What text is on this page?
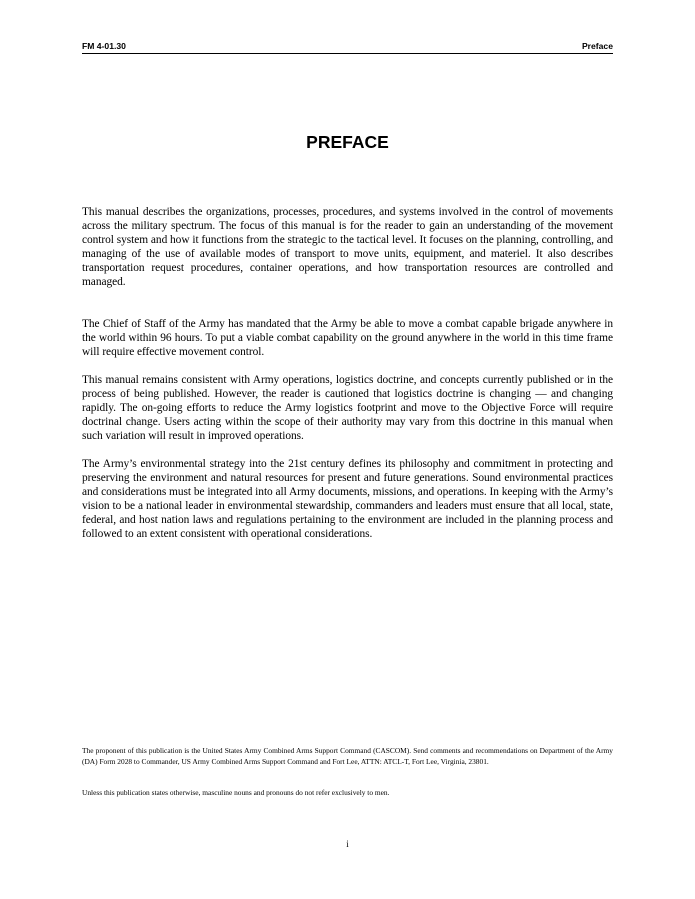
FM 4-01.30	Preface
PREFACE

This manual describes the organizations, processes, procedures, and systems involved in the control of movements across the military spectrum. The focus of this manual is for the reader to gain an understanding of the movement control system and how it functions from the strategic to the tactical level. It focuses on the planning, controlling, and managing of the use of available modes of transport to move units, equipment, and materiel. It also describes transportation request procedures, container operations, and how transportation resources are controlled and managed.

The Chief of Staff of the Army has mandated that the Army be able to move a combat capable brigade anywhere in the world within 96 hours. To put a viable combat capability on the ground anywhere in the world in this time frame will require effective movement control.

This manual remains consistent with Army operations, logistics doctrine, and concepts currently published or in the process of being published. However, the reader is cautioned that logistics doctrine is changing — and changing rapidly. The on-going efforts to reduce the Army logistics footprint and move to the Objective Force will require doctrinal change. Users acting within the scope of their authority may vary from this doctrine in this manual when such variation will result in improved operations.

The Army’s environmental strategy into the 21st century defines its philosophy and commitment in protecting and preserving the environment and natural resources for present and future generations. Sound environmental practices and considerations must be integrated into all Army documents, missions, and operations. In keeping with the Army’s vision to be a national leader in environmental stewardship, commanders and leaders must ensure that all local, state, federal, and host nation laws and regulations pertaining to the environment are included in the planning process and followed to an extent consistent with operational considerations.

The proponent of this publication is the United States Army Combined Arms Support Command (CASCOM). Send comments and recommendations on Department of the Army (DA) Form 2028 to Commander, US Army Combined Arms Support Command and Fort Lee, ATTN: ATCL-T, Fort Lee, Virginia, 23801.

Unless this publication states otherwise, masculine nouns and pronouns do not refer exclusively to men.

i
